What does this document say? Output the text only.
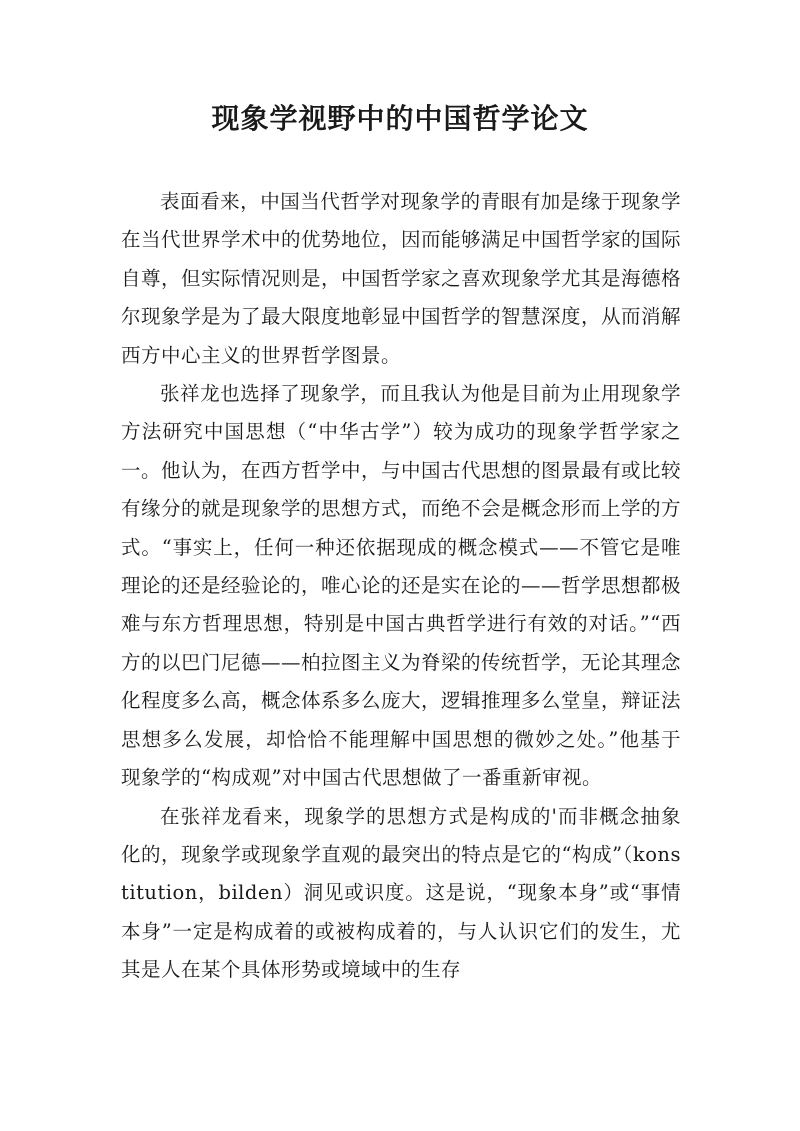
现象学视野中的中国哲学论文

表面看来，中国当代哲学对现象学的青眼有加是缘于现象学在当代世界学术中的优势地位，因而能够满足中国哲学家的国际自尊，但实际情况则是，中国哲学家之喜欢现象学尤其是海德格尔现象学是为了最大限度地彰显中国哲学的智慧深度，从而消解西方中心主义的世界哲学图景。

张祥龙也选择了现象学，而且我认为他是目前为止用现象学方法研究中国思想（“中华古学”）较为成功的现象学哲学家之一。他认为，在西方哲学中，与中国古代思想的图景最有或比较有缘分的就是现象学的思想方式，而绝不会是概念形而上学的方式。“事实上，任何一种还依据现成的概念模式——不管它是唯理论的还是经验论的，唯心论的还是实在论的——哲学思想都极难与东方哲理思想，特别是中国古典哲学进行有效的对话。”“西方的以巴门尼德——柏拉图主义为脊梁的传统哲学，无论其理念化程度多么高，概念体系多么庞大，逻辑推理多么堂皇，辩证法思想多么发展，却恰恰不能理解中国思想的微妙之处。”他基于现象学的“构成观”对中国古代思想做了一番重新审视。

在张祥龙看来，现象学的思想方式是构成的'而非概念抽象化的，现象学或现象学直观的最突出的特点是它的“构成”（konstitution，bilden）洞见或识度。这是说，“现象本身”或“事情本身”一定是构成着的或被构成着的，与人认识它们的发生，尤其是人在某个具体形势或境域中的生存
